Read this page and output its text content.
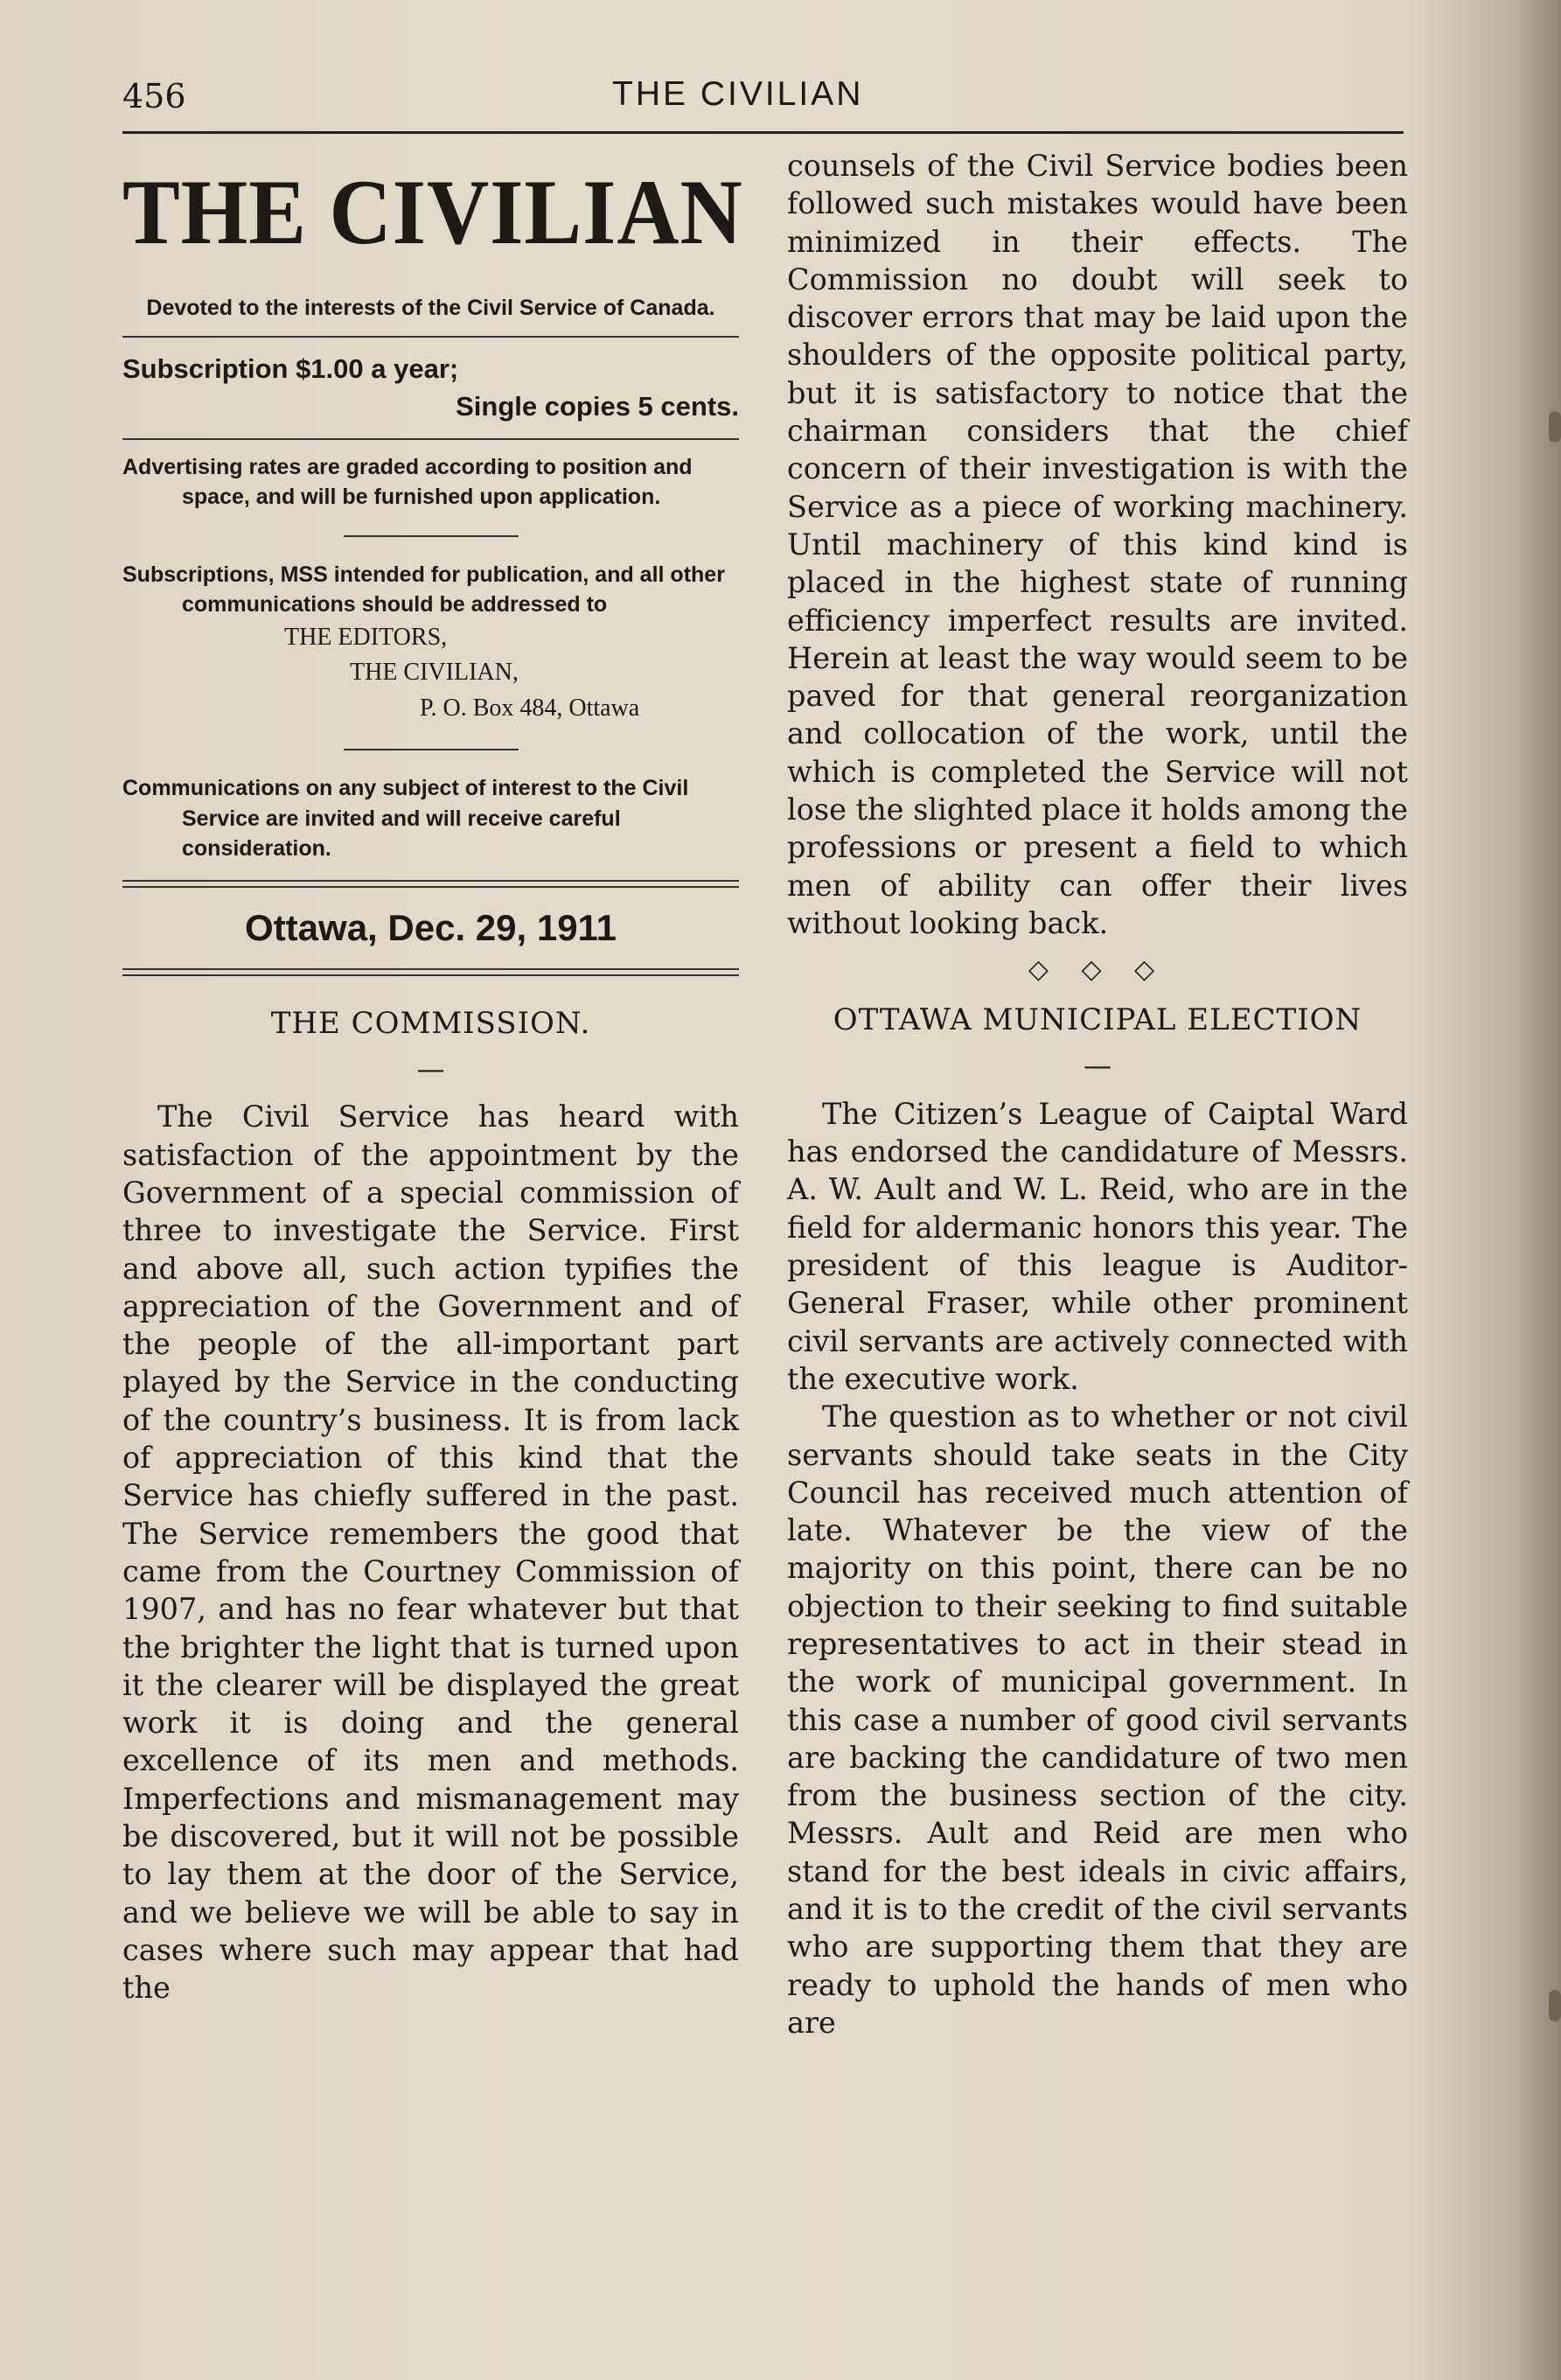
456	THE CIVILIAN
THE CIVILIAN
Devoted to the interests of the Civil Service of Canada.
Subscription $1.00 a year;
Single copies 5 cents.
Advertising rates are graded according to position and space, and will be furnished upon application.
Subscriptions, MSS intended for publication, and all other communications should be addressed to
THE EDITORS,
THE CIVILIAN,
P. O. Box 484, Ottawa
Communications on any subject of interest to the Civil Service are invited and will receive careful consideration.
Ottawa, Dec. 29, 1911
THE COMMISSION.
—

The Civil Service has heard with satisfaction of the appointment by the Government of a special commission of three to investigate the Service. First and above all, such action typifies the appreciation of the Government and of the people of the all-important part played by the Service in the conducting of the country’s business. It is from lack of appreciation of this kind that the Service has chiefly suffered in the past. The Service remembers the good that came from the Courtney Commission of 1907, and has no fear whatever but that the brighter the light that is turned upon it the clearer will be displayed the great work it is doing and the general excellence of its men and methods. Imperfections and mismanagement may be discovered, but it will not be possible to lay them at the door of the Service, and we believe we will be able to say in cases where such may appear that had the

counsels of the Civil Service bodies been followed such mistakes would have been minimized in their effects. The Commission no doubt will seek to discover errors that may be laid upon the shoulders of the opposite political party, but it is satisfactory to notice that the chairman considers that the chief concern of their investigation is with the Service as a piece of working machinery. Until machinery of this kind kind is placed in the highest state of running efficiency imperfect results are invited. Herein at least the way would seem to be paved for that general reorganization and collocation of the work, until the which is completed the Service will not lose the slighted place it holds among the professions or present a field to which men of ability can offer their lives without looking back.

◇ ◇ ◇
OTTAWA MUNICIPAL ELECTION
—

The Citizen’s League of Caiptal Ward has endorsed the candidature of Messrs. A. W. Ault and W. L. Reid, who are in the field for aldermanic honors this year. The president of this league is Auditor-General Fraser, while other prominent civil servants are actively connected with the executive work.

The question as to whether or not civil servants should take seats in the City Council has received much attention of late. Whatever be the view of the majority on this point, there can be no objection to their seeking to find suitable representatives to act in their stead in the work of municipal government. In this case a number of good civil servants are backing the candidature of two men from the business section of the city. Messrs. Ault and Reid are men who stand for the best ideals in civic affairs, and it is to the credit of the civil servants who are supporting them that they are ready to uphold the hands of men who are
